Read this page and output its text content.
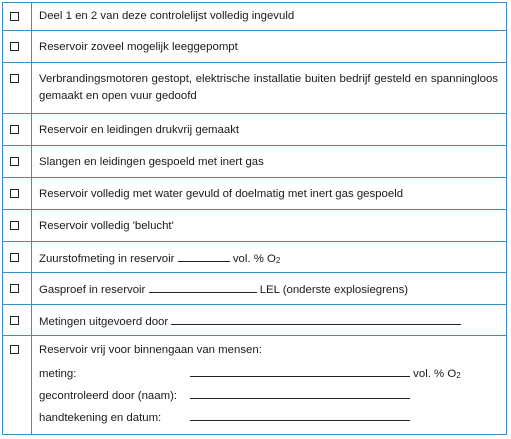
Deel 1 en 2 van deze controlelijst volledig ingevuld
Reservoir zoveel mogelijk leeggepompt
Verbrandingsmotoren gestopt, elektrische installatie buiten bedrijf gesteld en spanningloos gemaakt en open vuur gedoofd
Reservoir en leidingen drukvrij gemaakt
Slangen en leidingen gespoeld met inert gas
Reservoir volledig met water gevuld of doelmatig met inert gas gespoeld
Reservoir volledig 'belucht'
Zuurstofmeting in reservoir	vol. % $O_2$
Gasproef in reservoir	LEL (onderste explosiegrens)
Metingen uitgevoerd door
Reservoir vrij voor binnengaan van mensen:
meting:	vol. % $O_2$
gecontroleerd door (naam):
handtekening en datum:
